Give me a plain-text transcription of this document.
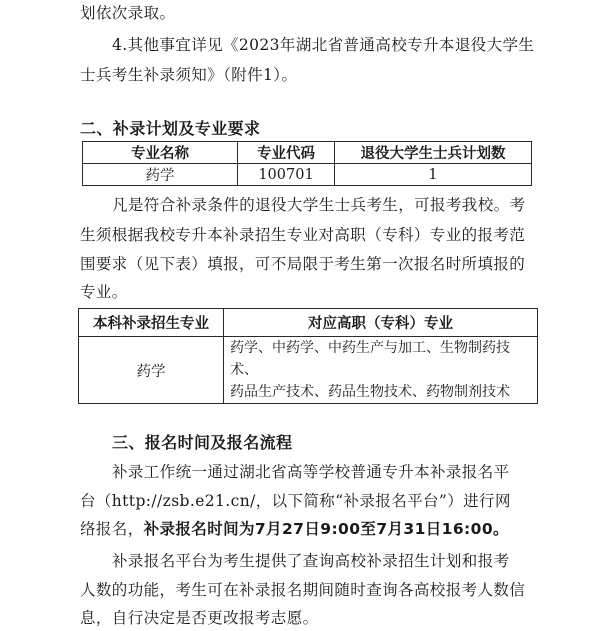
划依次录取。
4.其他事宜详见《2023年湖北省普通高校专升本退役大学生
士兵考生补录须知》（附件1）。
二、补录计划及专业要求
专业名称	专业代码	退役大学生士兵计划数
药学	100701	1
凡是符合补录条件的退役大学生士兵考生，可报考我校。考
生须根据我校专升本补录招生专业对高职（专科）专业的报考范
围要求（见下表）填报，可不局限于考生第一次报名时所填报的
专业。
本科补录招生专业	对应高职（专科）专业
药学	药学、中药学、中药生产与加工、生物制药技术、
药品生产技术、药品生物技术、药物制剂技术
三、报名时间及报名流程
补录工作统一通过湖北省高等学校普通专升本补录报名平
台（http://zsb.e21.cn/，以下简称“补录报名平台”）进行网
络报名，补录报名时间为7月27日9:00至7月31日16:00。
补录报名平台为考生提供了查询高校补录招生计划和报考
人数的功能，考生可在补录报名期间随时查询各高校报考人数信
息，自行决定是否更改报考志愿。
